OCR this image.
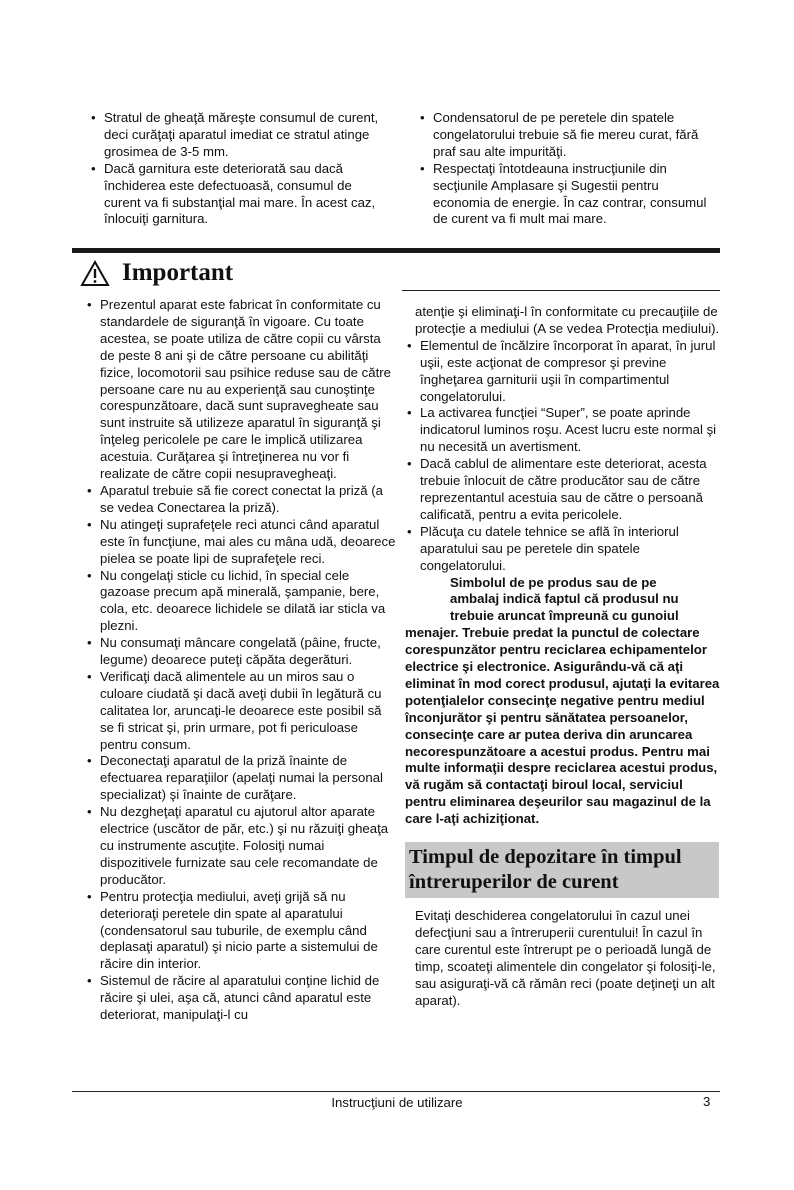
• Stratul de gheaţă măreşte consumul de curent, deci curăţaţi aparatul imediat ce stratul atinge grosimea de 3-5 mm.
• Dacă garnitura este deteriorată sau dacă închiderea este defectuoasă, consumul de curent va fi substanţial mai mare. În acest caz, înlocuiţi garnitura.
• Condensatorul de pe peretele din spatele congelatorului trebuie să fie mereu curat, fără praf sau alte impurităţi.
• Respectaţi întotdeauna instrucţiunile din secţiunile Amplasare şi Sugestii pentru economia de energie. În caz contrar, consumul de curent va fi mult mai mare.
Important
• Prezentul aparat este fabricat în conformitate cu standardele de siguranţă în vigoare. Cu toate acestea, se poate utiliza de către copii cu vârsta de peste 8 ani şi de către persoane cu abilităţi fizice, locomotorii sau psihice reduse sau de către persoane care nu au experienţă sau cunoştinţe corespunzătoare, dacă sunt supravegheate sau sunt instruite să utilizeze aparatul în siguranţă şi înţeleg pericolele pe care le implică utilizarea acestuia. Curăţarea şi întreţinerea nu vor fi realizate de către copii nesupravegheaţi.
• Aparatul trebuie să fie corect conectat la priză (a se vedea Conectarea la priză).
• Nu atingeţi suprafeţele reci atunci când aparatul este în funcţiune, mai ales cu mâna udă, deoarece pielea se poate lipi de suprafeţele reci.
• Nu congelaţi sticle cu lichid, în special cele gazoase precum apă minerală, şampanie, bere, cola, etc. deoarece lichidele se dilată iar sticla va plezni.
• Nu consumaţi mâncare congelată (pâine, fructe, legume) deoarece puteţi căpăta degerături.
• Verificaţi dacă alimentele au un miros sau o culoare ciudată şi dacă aveţi dubii în legătură cu calitatea lor, aruncaţi-le deoarece este posibil să se fi stricat şi, prin urmare, pot fi periculoase pentru consum.
• Deconectaţi aparatul de la priză înainte de efectuarea reparaţiilor (apelaţi numai la personal specializat) şi înainte de curăţare.
• Nu dezgheţaţi aparatul cu ajutorul altor aparate electrice (uscător de păr, etc.) şi nu răzuiţi gheaţa cu instrumente ascuţite. Folosiţi numai dispozitivele furnizate sau cele recomandate de producător.
• Pentru protecţia mediului, aveţi grijă să nu deterioraţi peretele din spate al aparatului (condensatorul sau tuburile, de exemplu când deplasaţi aparatul) şi nicio parte a sistemului de răcire din interior.
• Sistemul de răcire al aparatului conţine lichid de răcire şi uleі, aşa că, atunci când aparatul este deteriorat, manipulaţi-l cu

atenţie şi eliminaţi-l în conformitate cu precauţiile de protecţie a mediului (A se vedea Protecţia mediului).

• Elementul de încălzire încorporat în aparat, în jurul uşii, este acţionat de compresor şi previne îngheţarea garniturii uşii în compartimentul congelatorului.
• La activarea funcţiei “Super”, se poate aprinde indicatorul luminos roşu. Acest lucru este normal şi nu necesită un avertisment.
• Dacă cablul de alimentare este deteriorat, acesta trebuie înlocuit de către producător sau de către reprezentantul acestuia sau de către o persoană calificată, pentru a evita pericolele.
• Plăcuţa cu datele tehnice se află în interiorul aparatului sau pe peretele din spatele congelatorului.
Simbolul de pe produs sau de pe
ambalaj indică faptul că produsul nu
trebuie aruncat împreună cu gunoiul
menajer. Trebuie predat la punctul de colectare corespunzător pentru reciclarea echipamentelor electrice şi electronice. Asigurându-vă că aţi eliminat în mod corect produsul, ajutaţi la evitarea potenţialelor consecinţe negative pentru mediul înconjurător şi pentru sănătatea persoanelor, consecinţe care ar putea deriva din aruncarea necorespunzătoare a acestui produs. Pentru mai multe informaţii despre reciclarea acestui produs, vă rugăm să contactaţi biroul local, serviciul pentru eliminarea deşeurilor sau magazinul de la care l-aţi achiziţionat.
Timpul de depozitare în timpul
întreruperilor de curent

Evitaţi deschiderea congelatorului în cazul unei defecţiuni sau a întreruperii curentului! În cazul în care curentul este întrerupt pe o perioadă lungă de timp, scoateţi alimentele din congelator şi folosiţi-le, sau asiguraţi-vă că rămân reci (poate deţineţi un alt aparat).

Instrucţiuni de utilizare	3
